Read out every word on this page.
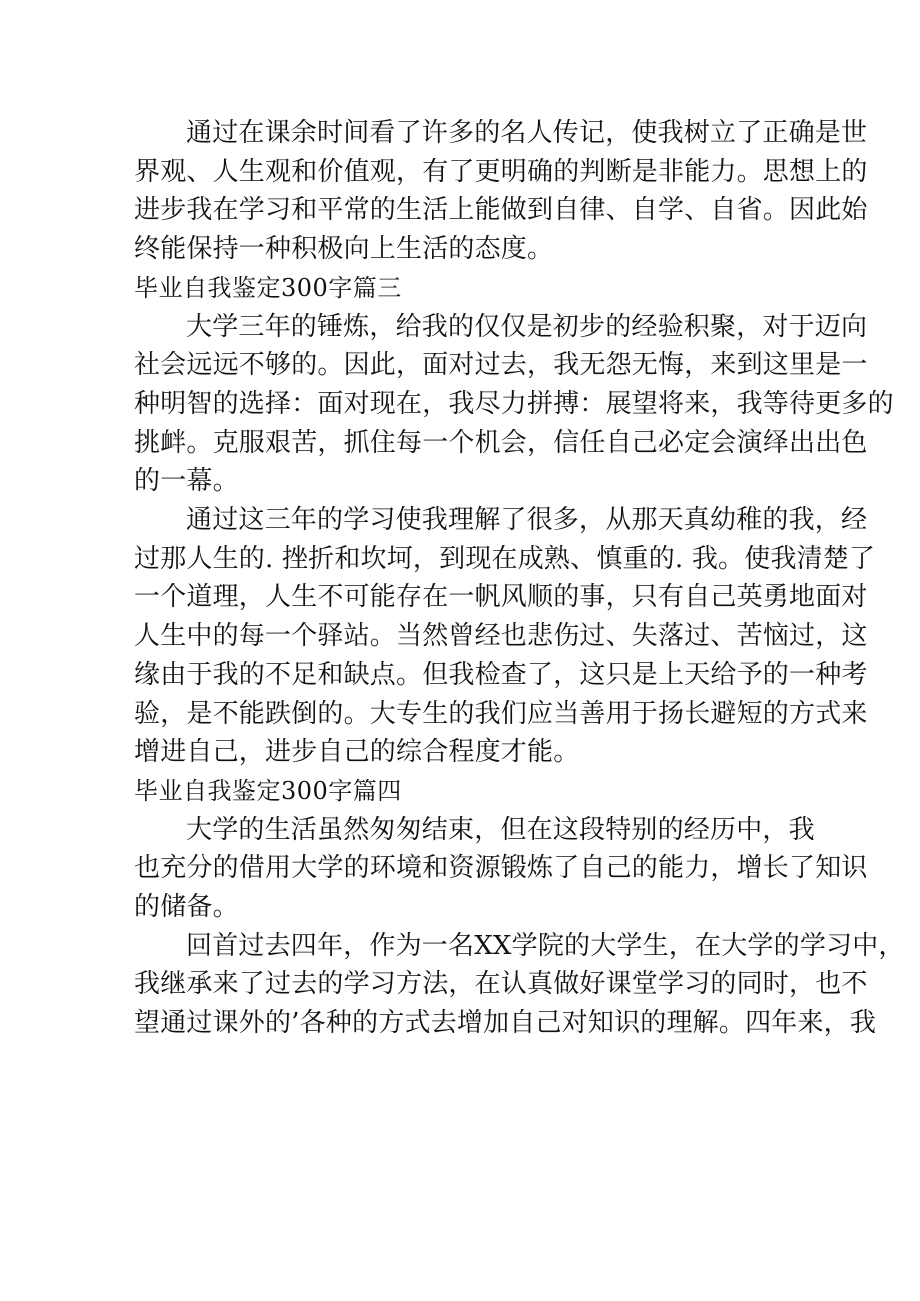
通过在课余时间看了许多的名人传记，使我树立了正确是世
界观、人生观和价值观，有了更明确的判断是非能力。思想上的
进步我在学习和平常的生活上能做到自律、自学、自省。因此始
终能保持一种积极向上生活的态度。
毕业自我鉴定300字篇三
大学三年的锤炼，给我的仅仅是初步的经验积聚，对于迈向
社会远远不够的。因此，面对过去，我无怨无悔，来到这里是一
种明智的选择：面对现在，我尽力拼搏：展望将来，我等待更多的
挑衅。克服艰苦，抓住每一个机会，信任自己必定会演绎出出色
的一幕。
通过这三年的学习使我理解了很多，从那天真幼稚的我，经
过那人生的. 挫折和坎坷，到现在成熟、慎重的. 我。使我清楚了
一个道理，人生不可能存在一帆风顺的事，只有自己英勇地面对
人生中的每一个驿站。当然曾经也悲伤过、失落过、苦恼过，这
缘由于我的不足和缺点。但我检查了，这只是上天给予的一种考
验，是不能跌倒的。大专生的我们应当善用于扬长避短的方式来
增进自己，进步自己的综合程度才能。
毕业自我鉴定300字篇四
大学的生活虽然匆匆结束，但在这段特别的经历中，我
也充分的借用大学的环境和资源锻炼了自己的能力，增长了知识
的储备。
回首过去四年，作为一名XX学院的大学生，在大学的学习中，
我继承来了过去的学习方法，在认真做好课堂学习的同时，也不
望通过课外的’各种的方式去增加自己对知识的理解。四年来，我
